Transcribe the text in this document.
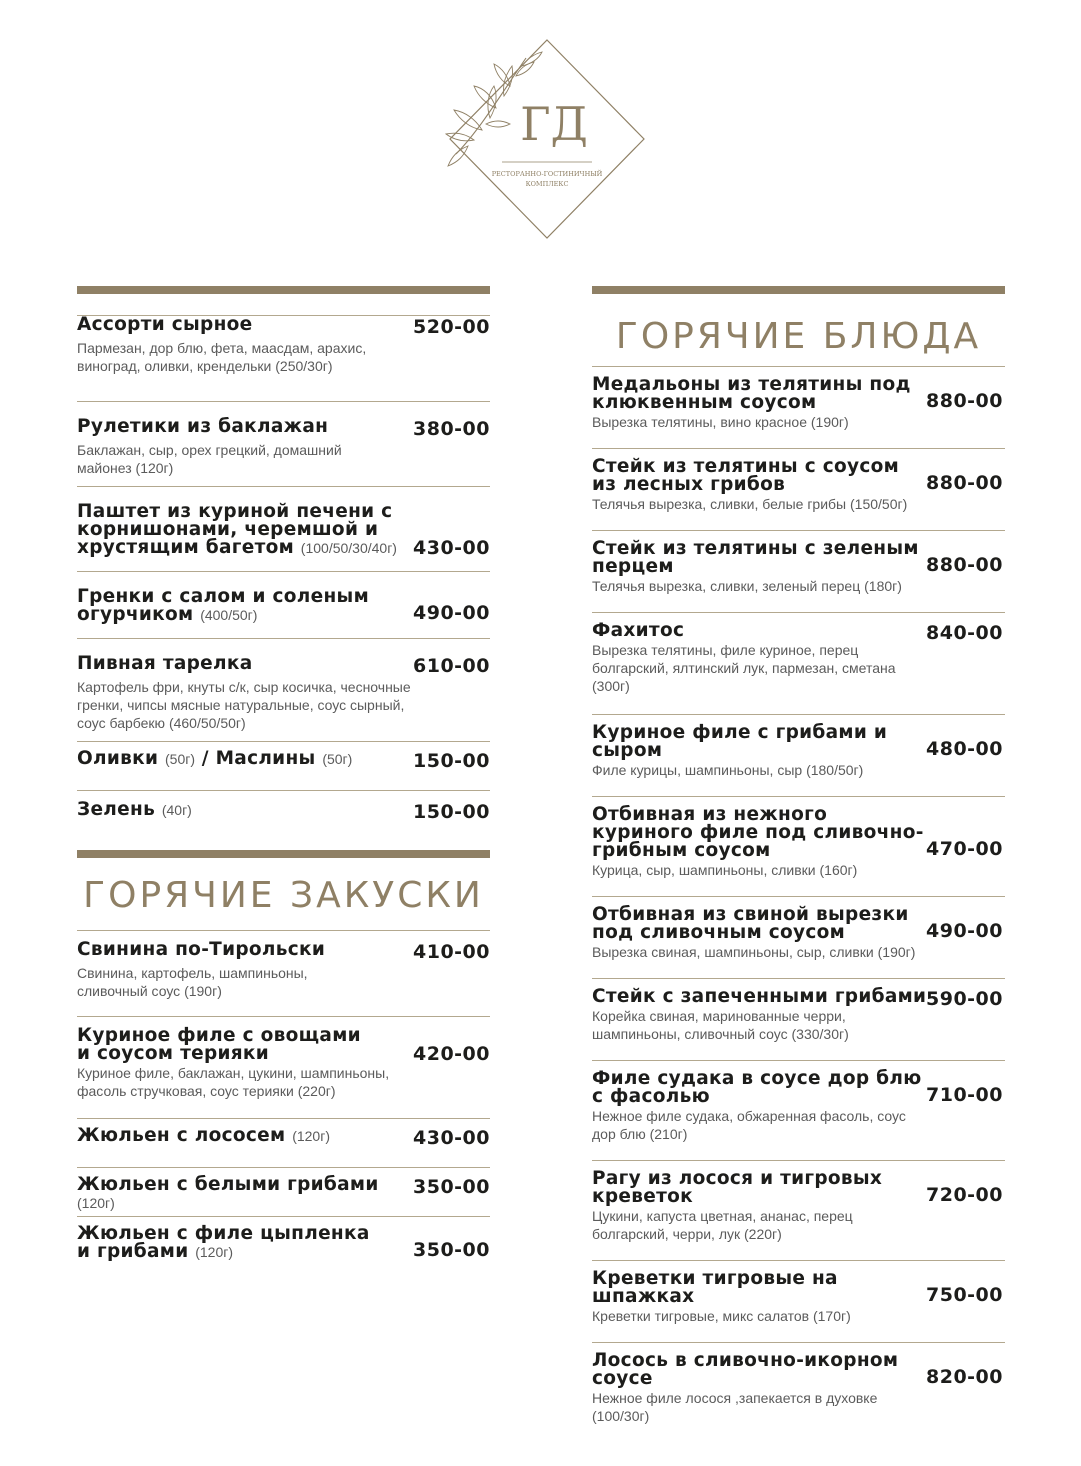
ГД
РЕСТОРАННО-ГОСТИНИЧНЫЙ
КОМПЛЕКС
Ассорти сырное	520-00
Пармезан, дор блю, фета, маасдам, арахис, виноград, оливки, крендельки (250/30г)
Рулетики из баклажан	380-00
Баклажан, сыр, орех грецкий, домашний майонез (120г)
Паштет из куриной печени с корнишонами, черемшой и хрустящим багетом (100/50/30/40г) 430-00
Гренки с салом и соленым огурчиком (400/50г)	490-00
Пивная тарелка	610-00
Картофель фри, кнуты с/к, сыр косичка, чесночные гренки, чипсы мясные натуральные, соус сырный, соус барбекю (460/50/50г)
Оливки (50г) / Маслины (50г)	150-00
Зелень (40г)	150-00
ГОРЯЧИЕ ЗАКУСКИ
Свинина по-Тирольски	410-00
Свинина, картофель, шампиньоны, сливочный соус (190г)
Куриное филе с овощами и соусом терияки	420-00
Куриное филе, баклажан, цукини, шампиньоны, фасоль стручковая, соус терияки (220г)
Жюльен с лососем (120г)	430-00
Жюльен с белыми грибами (120г)
350-00
Жюльен с филе цыпленка и грибами (120г)	350-00
ГОРЯЧИЕ БЛЮДА
Медальоны из телятины под клюквенным соусом
Вырезка телятины, вино красное (190г)
880-00
Стейк из телятины с соусом из лесных грибов
Телячья вырезка, сливки, белые грибы (150/50г)
880-00
Стейк из телятины с зеленым перцем
Телячья вырезка, сливки, зеленый перец (180г)
880-00
Фахитос
Вырезка телятины, филе куриное, перец болгарский, ялтинский лук, пармезан, сметана (300г)
840-00
Куриное филе с грибами и сыром
Филе курицы, шампиньоны, сыр (180/50г)
480-00
Отбивная из нежного куриного филе под сливочно-грибным соусом
Курица, сыр, шампиньоны, сливки (160г)
470-00
Отбивная из свиной вырезки под сливочным соусом
Вырезка свиная, шампиньоны, сыр, сливки (190г)
490-00
Стейк с запеченными грибами
Корейка свиная, маринованные черри, шампиньоны, сливочный соус (330/30г)
590-00
Филе судака в соусе дор блю с фасолью
Нежное филе судака, обжаренная фасоль, соус дор блю (210г)
710-00
Рагу из лосося и тигровых креветок
Цукини, капуста цветная, ананас, перец болгарский, черри, лук (220г)
720-00
Креветки тигровые на шпажках
Креветки тигровые, микс салатов (170г)
750-00
Лосось в сливочно-икорном соусе
Нежное филе лосося ,запекается в духовке (100/30г)
820-00
